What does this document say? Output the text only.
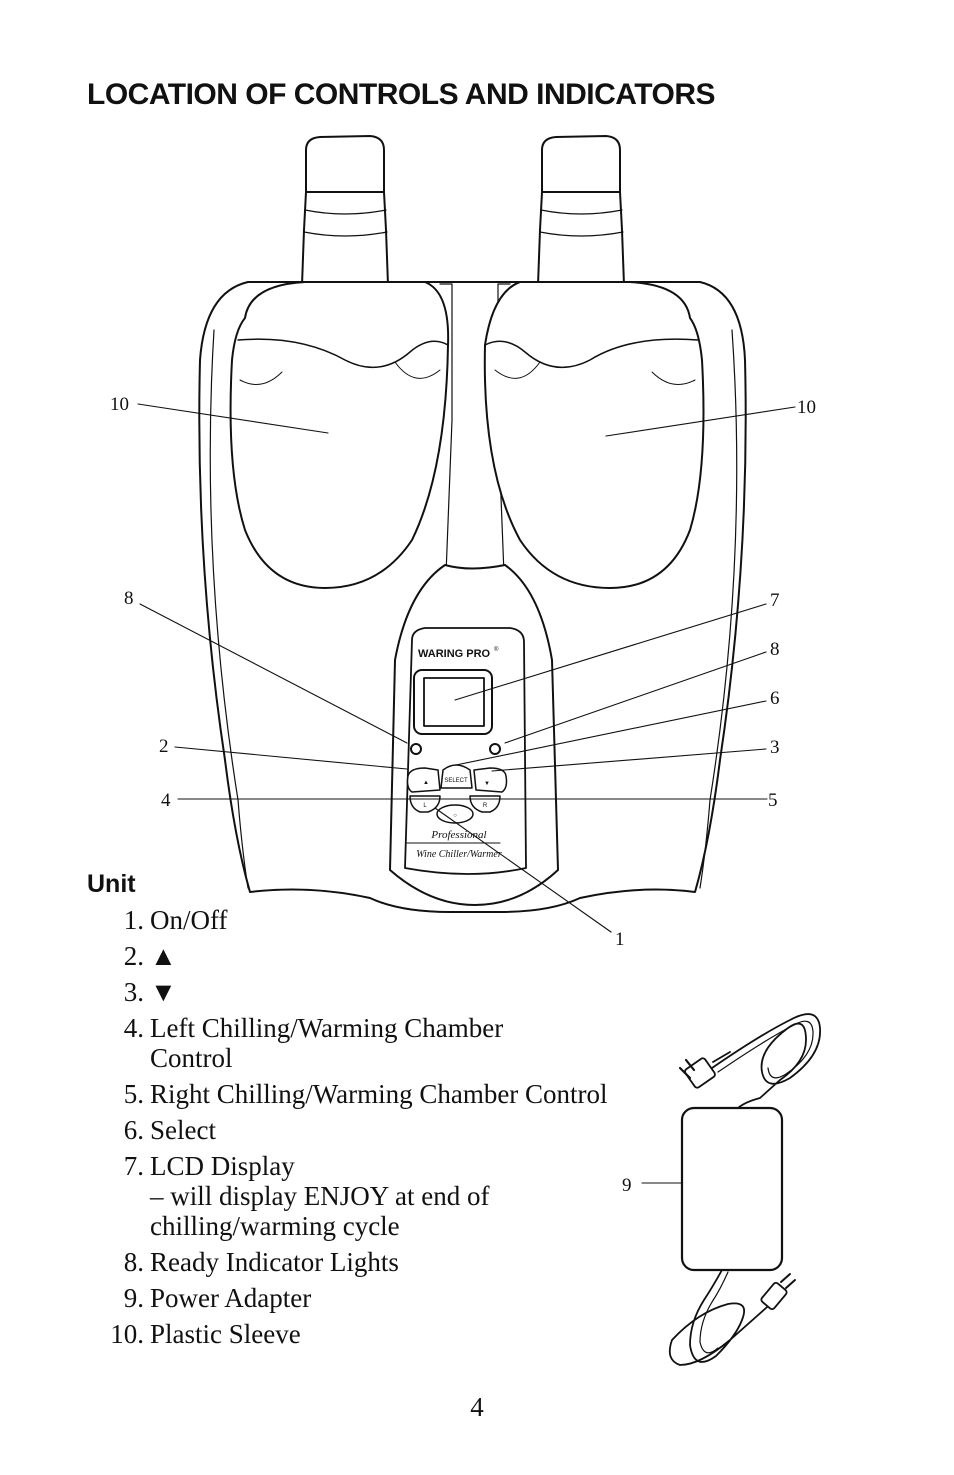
LOCATION OF CONTROLS AND INDICATORS
WARING PRO ®
▲	SELECT	▼
L	R
○
Professional
Wine Chiller/Warmer
10	10
8	7
8
6
2	3
4	5
1
9
Unit
1. On/Off
2. ▲
3. ▼
4. Left Chilling/Warming Chamber Control
5. Right Chilling/Warming Chamber Control
6. Select
7. LCD Display
– will display ENJOY at end of chilling/warming cycle
8. Ready Indicator Lights
9. Power Adapter
10. Plastic Sleeve
4
